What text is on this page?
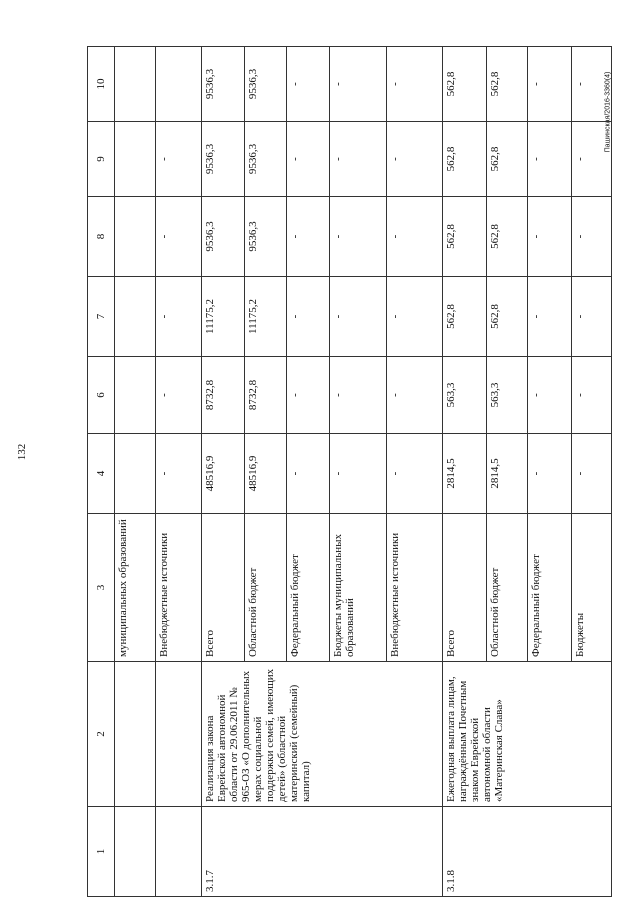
132
Пашинская/2016-3360(4)
1	2	3	4	6	7	8	9	10
		муниципальных образований						
		Внебюджетные источники	-	-	-	-	-	
3.1.7	Реализация закона Еврейской автономной области от 29.06.2011 № 965-ОЗ «О дополнительных мерах социальной поддержки семей, имеющих детей» (областной материнский (семейный) капитал)	Всего	48516,9	8732,8	11175,2	9536,3	9536,3	9536,3
		Областной бюджет	48516,9	8732,8	11175,2	9536,3	9536,3	9536,3
		Федеральный бюджет	-	-	-	-	-	-
		Бюджеты муниципальных образований	-	-	-	-	-	-
		Внебюджетные источники	-	-	-	-	-	-
3.1.8	Ежегодная выплата лицам, награждённым Почетным знаком Еврейской автономной области «Материнская Слава»	Всего	2814,5	563,3	562,8	562,8	562,8	562,8
		Областной бюджет	2814,5	563,3	562,8	562,8	562,8	562,8
		Федеральный бюджет	-	-	-	-	-	-
		Бюджеты	-	-	-	-	-	-
